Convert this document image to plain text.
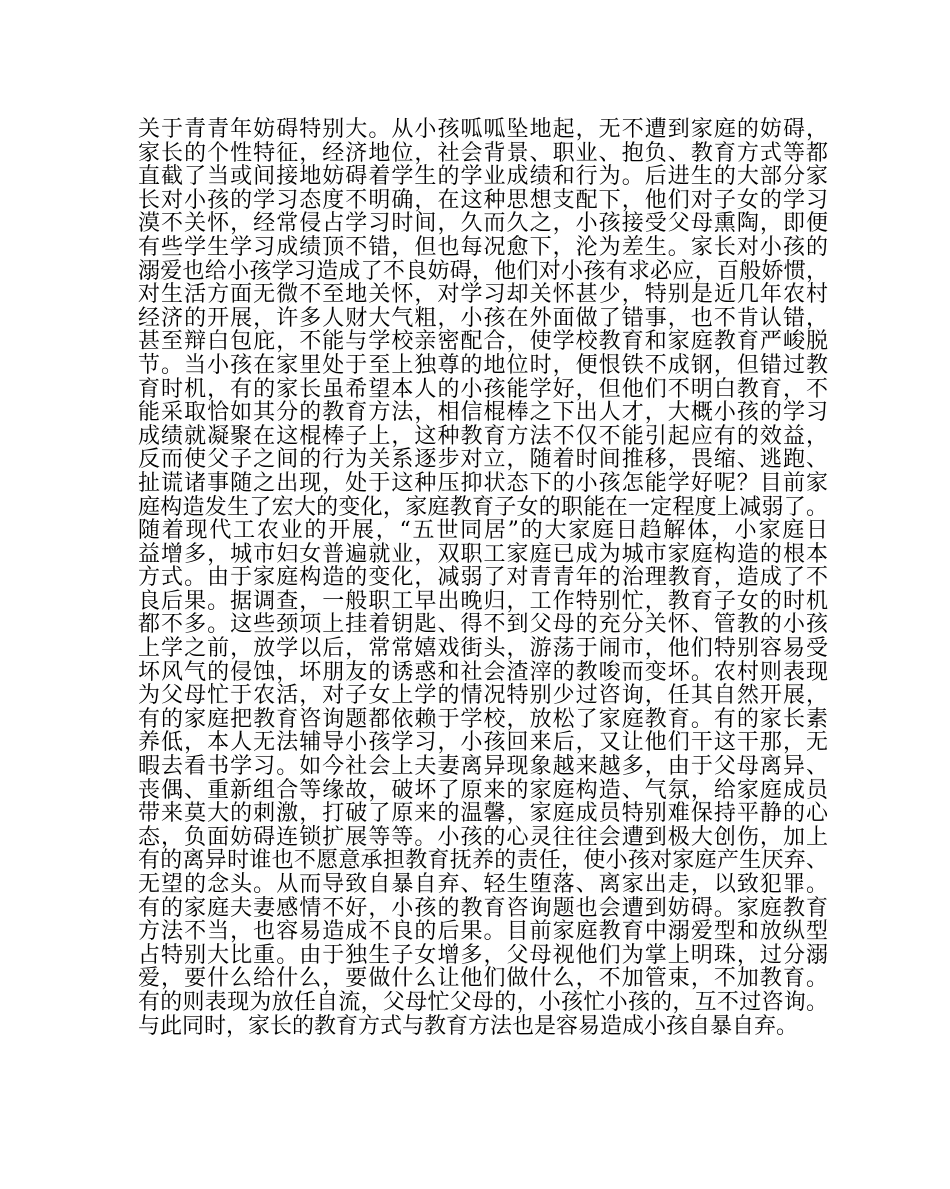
关于青青年妨碍特别大。从小孩呱呱坠地起，无不遭到家庭的妨碍，
家长的个性特征，经济地位，社会背景、职业、抱负、教育方式等都
直截了当或间接地妨碍着学生的学业成绩和行为。后进生的大部分家
长对小孩的学习态度不明确，在这种思想支配下，他们对子女的学习
漠不关怀，经常侵占学习时间，久而久之，小孩接受父母熏陶，即便
有些学生学习成绩顶不错，但也每况愈下，沦为差生。家长对小孩的
溺爱也给小孩学习造成了不良妨碍，他们对小孩有求必应，百般娇惯，
对生活方面无微不至地关怀，对学习却关怀甚少，特别是近几年农村
经济的开展，许多人财大气粗，小孩在外面做了错事，也不肯认错，
甚至辩白包庇，不能与学校亲密配合，使学校教育和家庭教育严峻脱
节。当小孩在家里处于至上独尊的地位时，便恨铁不成钢，但错过教
育时机，有的家长虽希望本人的小孩能学好，但他们不明白教育，不
能采取恰如其分的教育方法，相信棍棒之下出人才，大概小孩的学习
成绩就凝聚在这棍棒子上，这种教育方法不仅不能引起应有的效益，
反而使父子之间的行为关系逐步对立，随着时间推移，畏缩、逃跑、
扯谎诸事随之出现，处于这种压抑状态下的小孩怎能学好呢？目前家
庭构造发生了宏大的变化，家庭教育子女的职能在一定程度上减弱了。
随着现代工农业的开展，“五世同居”的大家庭日趋解体，小家庭日
益增多，城市妇女普遍就业，双职工家庭已成为城市家庭构造的根本
方式。由于家庭构造的变化，减弱了对青青年的治理教育，造成了不
良后果。据调查，一般职工早出晚归，工作特别忙，教育子女的时机
都不多。这些颈项上挂着钥匙、得不到父母的充分关怀、管教的小孩
上学之前，放学以后，常常嬉戏街头，游荡于闹市，他们特别容易受
坏风气的侵蚀，坏朋友的诱惑和社会渣滓的教唆而变坏。农村则表现
为父母忙于农活，对子女上学的情况特别少过咨询，任其自然开展，
有的家庭把教育咨询题都依赖于学校，放松了家庭教育。有的家长素
养低，本人无法辅导小孩学习，小孩回来后，又让他们干这干那，无
暇去看书学习。如今社会上夫妻离异现象越来越多，由于父母离异、
丧偶、重新组合等缘故，破坏了原来的家庭构造、气氛，给家庭成员
带来莫大的刺激，打破了原来的温馨，家庭成员特别难保持平静的心
态，负面妨碍连锁扩展等等。小孩的心灵往往会遭到极大创伤，加上
有的离异时谁也不愿意承担教育抚养的责任，使小孩对家庭产生厌弃、
无望的念头。从而导致自暴自弃、轻生堕落、离家出走，以致犯罪。
有的家庭夫妻感情不好，小孩的教育咨询题也会遭到妨碍。家庭教育
方法不当，也容易造成不良的后果。目前家庭教育中溺爱型和放纵型
占特别大比重。由于独生子女增多，父母视他们为掌上明珠，过分溺
爱，要什么给什么，要做什么让他们做什么，不加管束，不加教育。
有的则表现为放任自流，父母忙父母的，小孩忙小孩的，互不过咨询。
与此同时，家长的教育方式与教育方法也是容易造成小孩自暴自弃。
